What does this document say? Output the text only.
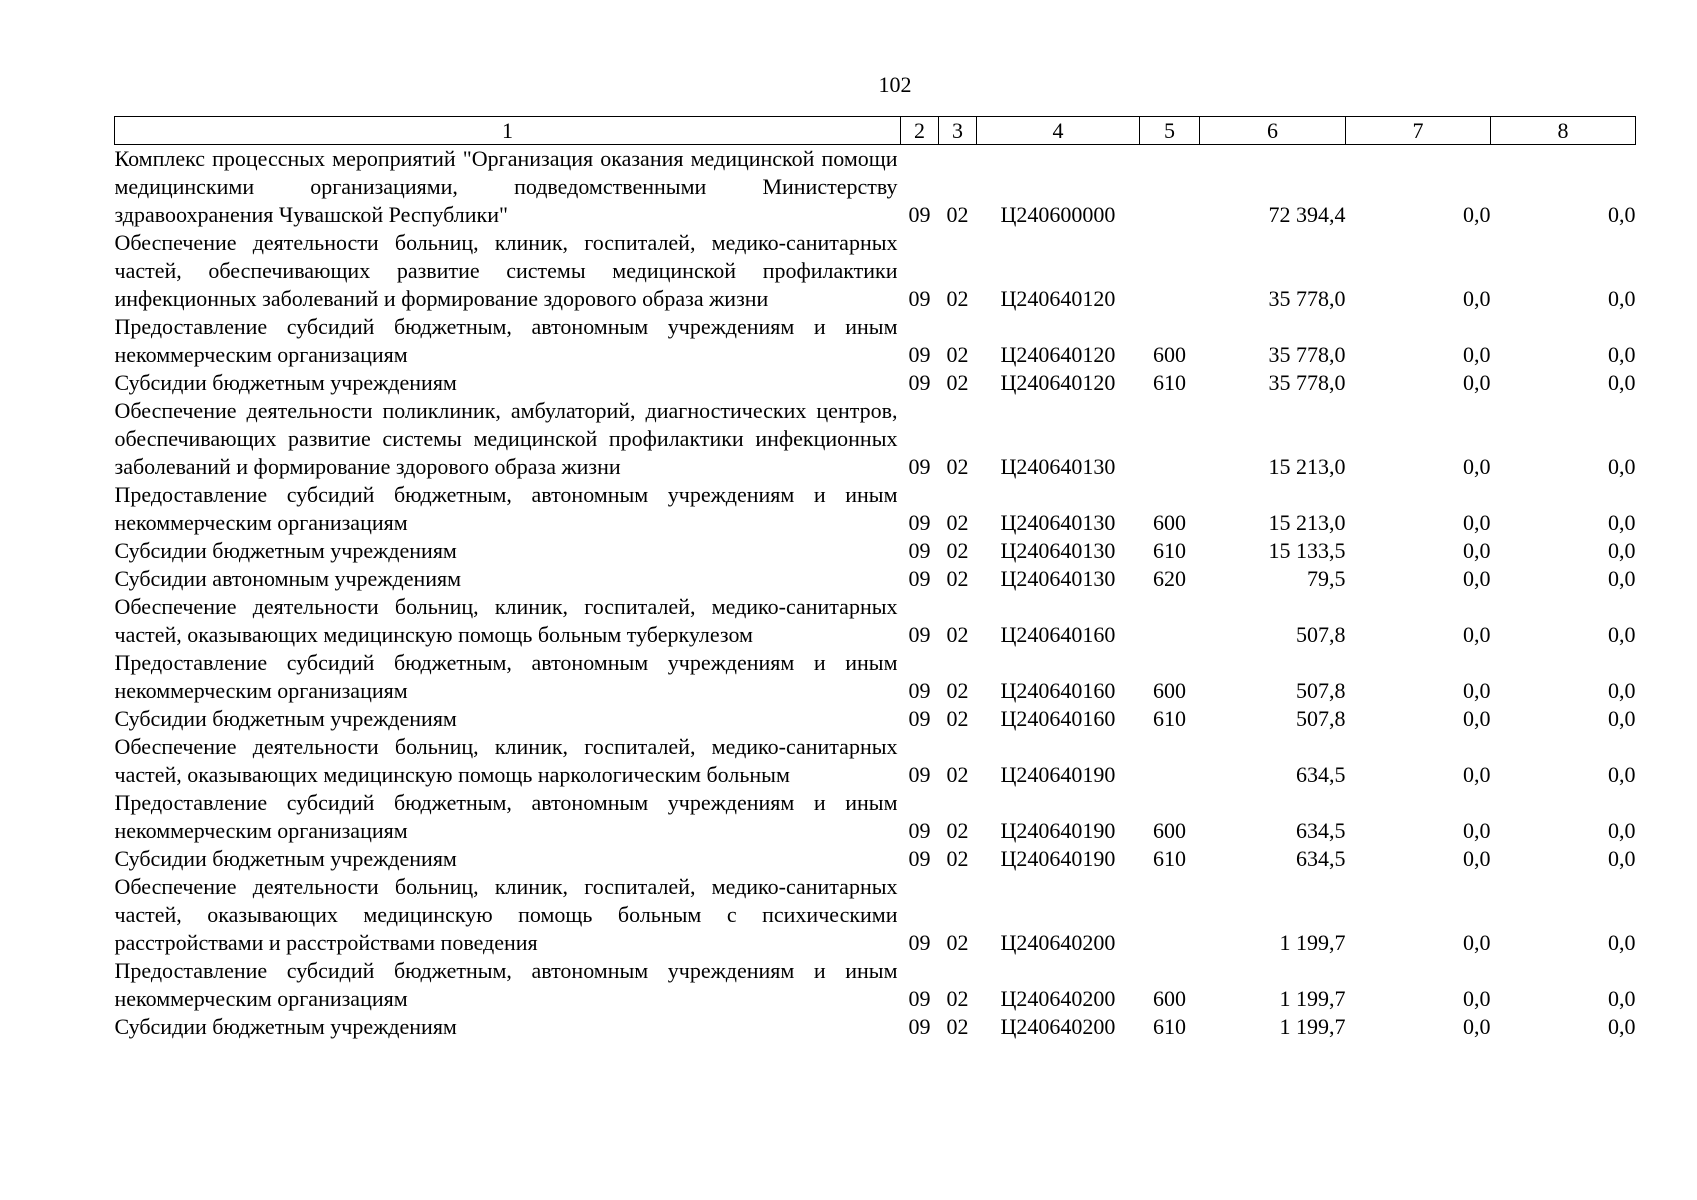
102
1	2	3	4	5	6	7	8
Комплекс процессных мероприятий "Организация оказания медицинской помощи медицинскими организациями, подведомственными Министерству здравоохранения Чувашской Республики"	09	02	Ц240600000		72 394,4	0,0	0,0
Обеспечение деятельности больниц, клиник, госпиталей, медико-санитарных частей, обеспечивающих развитие системы медицинской профилактики инфекционных заболеваний и формирование здорового образа жизни	09	02	Ц240640120		35 778,0	0,0	0,0
Предоставление субсидий бюджетным, автономным учреждениям и иным некоммерческим организациям	09	02	Ц240640120	600	35 778,0	0,0	0,0
Субсидии бюджетным учреждениям	09	02	Ц240640120	610	35 778,0	0,0	0,0
Обеспечение деятельности поликлиник, амбулаторий, диагностических центров, обеспечивающих развитие системы медицинской профилактики инфекционных заболеваний и формирование здорового образа жизни	09	02	Ц240640130		15 213,0	0,0	0,0
Предоставление субсидий бюджетным, автономным учреждениям и иным некоммерческим организациям	09	02	Ц240640130	600	15 213,0	0,0	0,0
Субсидии бюджетным учреждениям	09	02	Ц240640130	610	15 133,5	0,0	0,0
Субсидии автономным учреждениям	09	02	Ц240640130	620	79,5	0,0	0,0
Обеспечение деятельности больниц, клиник, госпиталей, медико-санитарных частей, оказывающих медицинскую помощь больным туберкулезом	09	02	Ц240640160		507,8	0,0	0,0
Предоставление субсидий бюджетным, автономным учреждениям и иным некоммерческим организациям	09	02	Ц240640160	600	507,8	0,0	0,0
Субсидии бюджетным учреждениям	09	02	Ц240640160	610	507,8	0,0	0,0
Обеспечение деятельности больниц, клиник, госпиталей, медико-санитарных частей, оказывающих медицинскую помощь наркологическим больным	09	02	Ц240640190		634,5	0,0	0,0
Предоставление субсидий бюджетным, автономным учреждениям и иным некоммерческим организациям	09	02	Ц240640190	600	634,5	0,0	0,0
Субсидии бюджетным учреждениям	09	02	Ц240640190	610	634,5	0,0	0,0
Обеспечение деятельности больниц, клиник, госпиталей, медико-санитарных частей, оказывающих медицинскую помощь больным с психическими расстройствами и расстройствами поведения	09	02	Ц240640200		1 199,7	0,0	0,0
Предоставление субсидий бюджетным, автономным учреждениям и иным некоммерческим организациям	09	02	Ц240640200	600	1 199,7	0,0	0,0
Субсидии бюджетным учреждениям	09	02	Ц240640200	610	1 199,7	0,0	0,0
